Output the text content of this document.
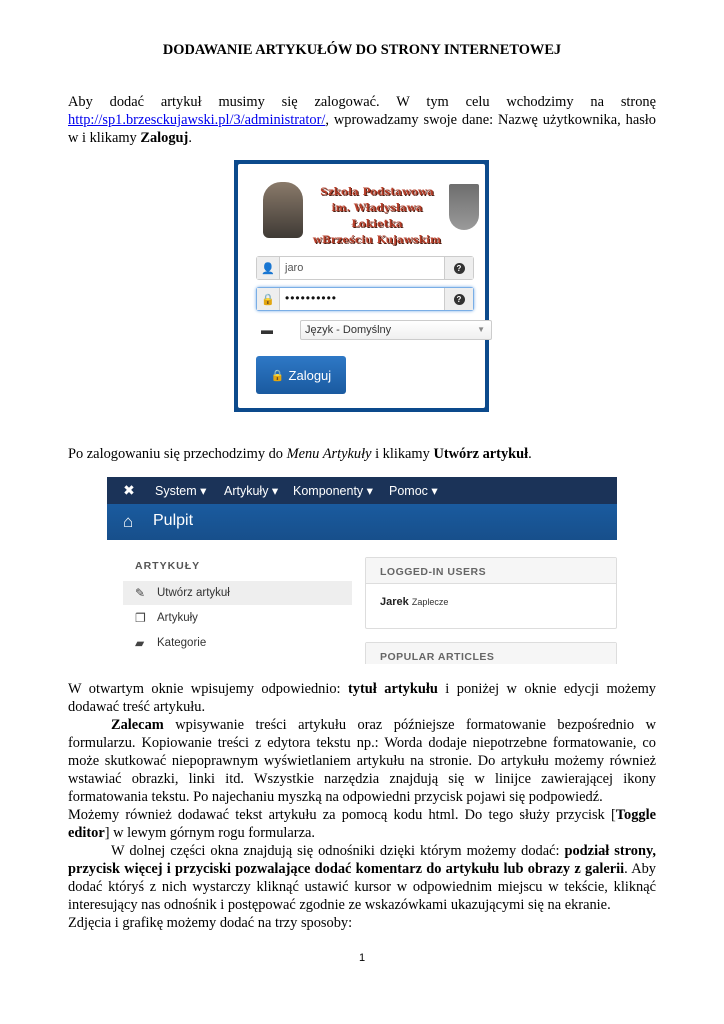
DODAWANIE ARTYKUŁÓW DO STRONY INTERNETOWEJ
Aby dodać artykuł musimy się zalogować. W tym celu wchodzimy na stronę http://sp1.brzesckujawski.pl/3/administrator/, wprowadzamy swoje dane: Nazwę użytkownika, hasło w i klikamy Zaloguj.
Szkoła Podstawowa
im. Władysława Łokietka
wBrześciu Kujawskim
👤 jaro	?
🔒 ••••••••••	?
▬	Język - Domyślny	▼
🔒 Zaloguj
Po zalogowaniu się przechodzimy do Menu Artykuły i klikamy Utwórz artykuł.
✖ System ▾ Artykuły ▾ Komponenty ▾ Pomoc ▾
⌂ Pulpit
ARTYKUŁY
✎ Utwórz artykuł
❐ Artykuły
▰ Kategorie
LOGGED-IN USERS
Jarek Zaplecze
POPULAR ARTICLES
W otwartym oknie wpisujemy odpowiednio: tytuł artykułu i poniżej w oknie edycji możemy dodawać treść artykułu.
Zalecam wpisywanie treści artykułu oraz późniejsze formatowanie bezpośrednio w formularzu. Kopiowanie treści z edytora tekstu np.: Worda dodaje niepotrzebne formatowanie, co może skutkować niepoprawnym wyświetlaniem artykułu na stronie. Do artykułu możemy również wstawiać obrazki, linki itd. Wszystkie narzędzia znajdują się w linijce zawierającej ikony formatowania tekstu. Po najechaniu myszką na odpowiedni przycisk pojawi się podpowiedź.
Możemy również dodawać tekst artykułu za pomocą kodu html. Do tego służy przycisk [Toggle editor] w lewym górnym rogu formularza.
W dolnej części okna znajdują się odnośniki dzięki którym możemy dodać: podział strony, przycisk więcej i przyciski pozwalające dodać komentarz do artykułu lub obrazy z galerii. Aby dodać któryś z nich wystarczy kliknąć ustawić kursor w odpowiednim miejscu w tekście, kliknąć interesujący nas odnośnik i postępować zgodnie ze wskazówkami ukazującymi się na ekranie.
Zdjęcia i grafikę możemy dodać na trzy sposoby:
1
